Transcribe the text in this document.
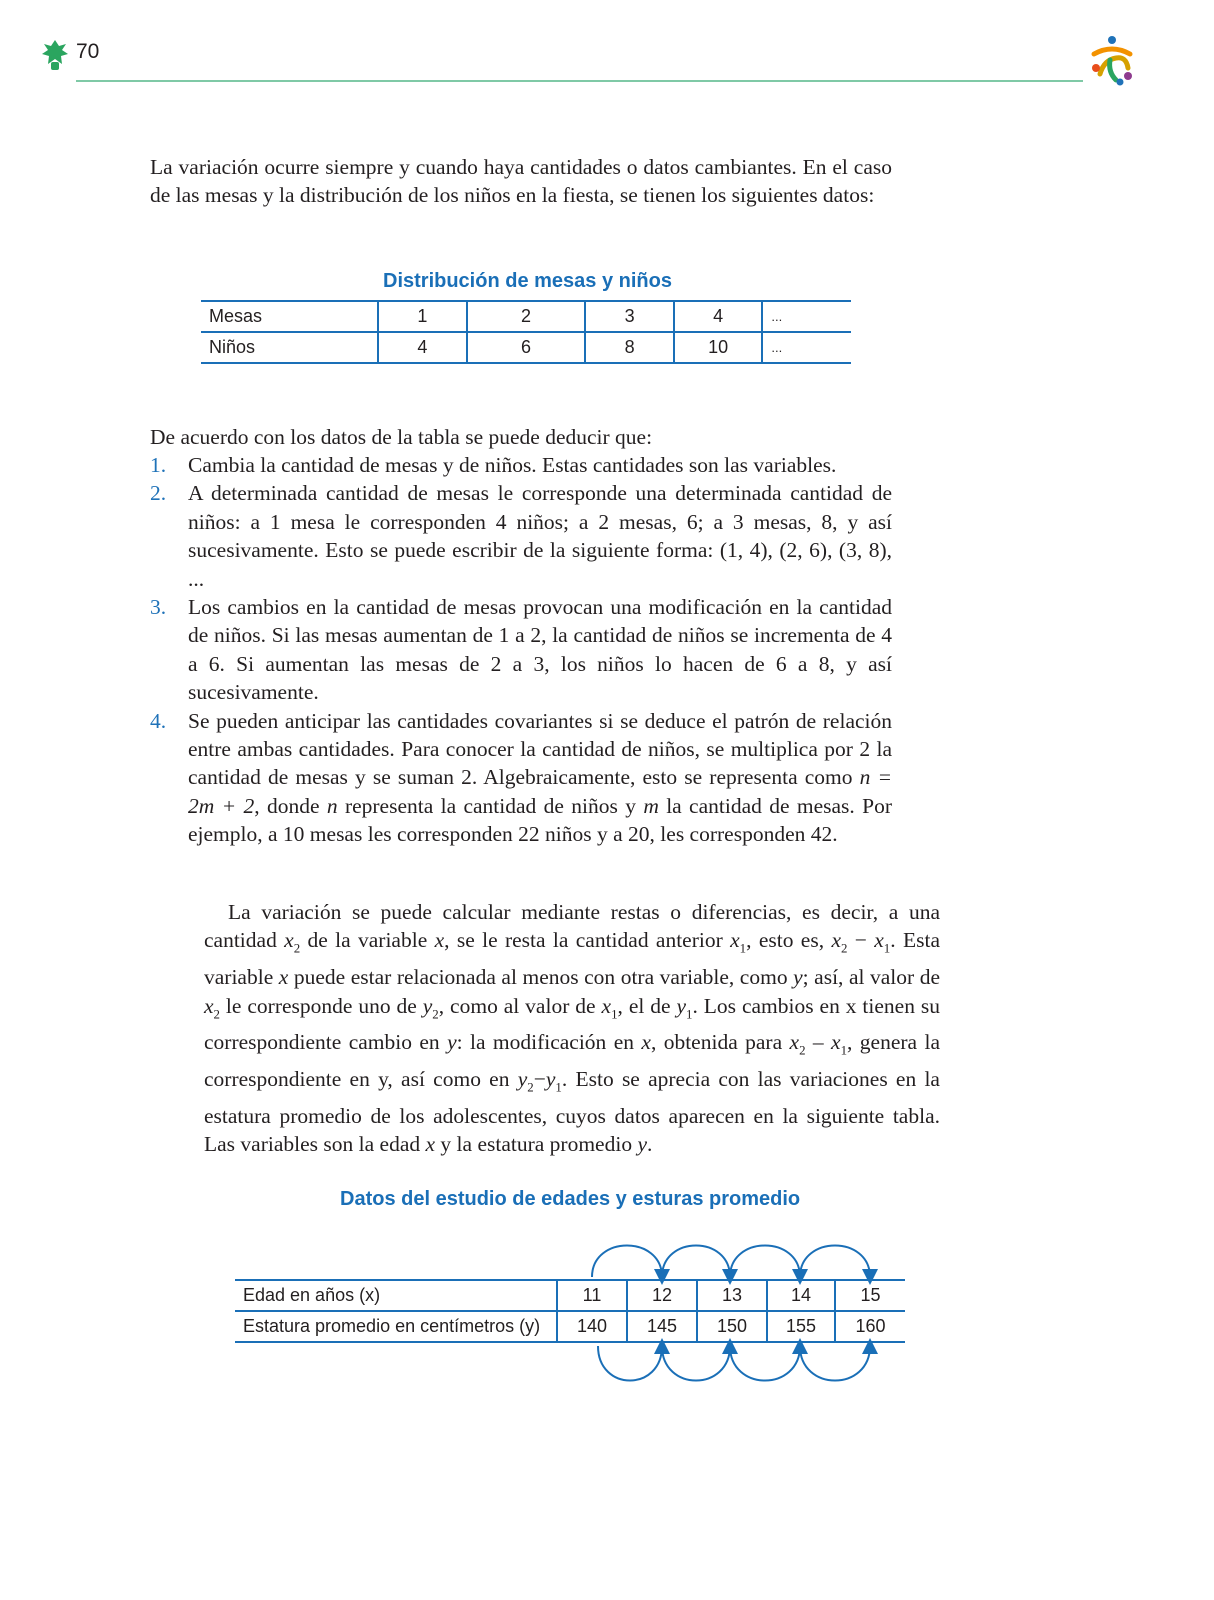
70

La variación ocurre siempre y cuando haya cantidades o datos cambiantes. En el caso de las mesas y la distribución de los niños en la fiesta, se tienen los siguientes datos:

Distribución de mesas y niños
Mesas	1	2	3	4	...
Niños	4	6	8	10	...

De acuerdo con los datos de la tabla se puede deducir que:

1. Cambia la cantidad de mesas y de niños. Estas cantidades son las variables.
2. A determinada cantidad de mesas le corresponde una determinada cantidad de niños: a 1 mesa le corresponden 4 niños; a 2 mesas, 6; a 3 mesas, 8, y así sucesivamente. Esto se puede escribir de la siguiente forma: (1, 4), (2, 6), (3, 8), ...
3. Los cambios en la cantidad de mesas provocan una modificación en la cantidad de niños. Si las mesas aumentan de 1 a 2, la cantidad de niños se incrementa de 4 a 6. Si aumentan las mesas de 2 a 3, los niños lo hacen de 6 a 8, y así sucesivamente.
4. Se pueden anticipar las cantidades covariantes si se deduce el patrón de relación entre ambas cantidades. Para conocer la cantidad de niños, se multiplica por 2 la cantidad de mesas y se suman 2. Algebraicamente, esto se representa como n = 2m + 2, donde n representa la cantidad de niños y m la cantidad de mesas. Por ejemplo, a 10 mesas les corresponden 22 niños y a 20, les corresponden 42.

La variación se puede calcular mediante restas o diferencias, es decir, a una cantidad $x_2$ de la variable x, se le resta la cantidad anterior $x_1$, esto es, $x_2 - x_1$. Esta variable x puede estar relacionada al menos con otra variable, como y; así, al valor de $x_2$ le corresponde uno de $y_2$, como al valor de $x_1$, el de $y_1$. Los cambios en x tienen su correspondiente cambio en y: la modificación en x, obtenida para $x_2 - x_1$, genera la correspondiente en y, así como en $y_2-y_1$. Esto se aprecia con las variaciones en la estatura promedio de los adolescentes, cuyos datos aparecen en la siguiente tabla. Las variables son la edad x y la estatura promedio y.

Datos del estudio de edades y esturas promedio
Edad en años (x)	11	12	13	14	15
Estatura promedio en centímetros (y)	140	145	150	155	160
